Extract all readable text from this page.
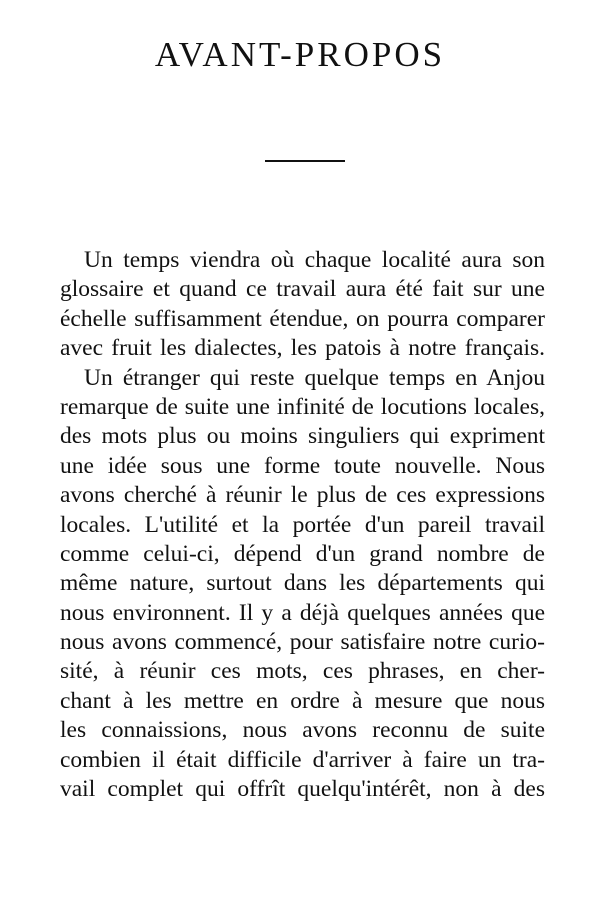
AVANT-PROPOS
Un temps viendra où chaque localité aura son
glossaire et quand ce travail aura été fait sur une
échelle suffisamment étendue, on pourra comparer
avec fruit les dialectes, les patois à notre français.
Un étranger qui reste quelque temps en Anjou
remarque de suite une infinité de locutions locales,
des mots plus ou moins singuliers qui expriment
une idée sous une forme toute nouvelle. Nous
avons cherché à réunir le plus de ces expressions
locales. L'utilité et la portée d'un pareil travail
comme celui-ci, dépend d'un grand nombre de
même nature, surtout dans les départements qui
nous environnent. Il y a déjà quelques années que
nous avons commencé, pour satisfaire notre curio-
sité, à réunir ces mots, ces phrases, en cher-
chant à les mettre en ordre à mesure que nous
les connaissions, nous avons reconnu de suite
combien il était difficile d'arriver à faire un tra-
vail complet qui offrît quelqu'intérêt, non à des
